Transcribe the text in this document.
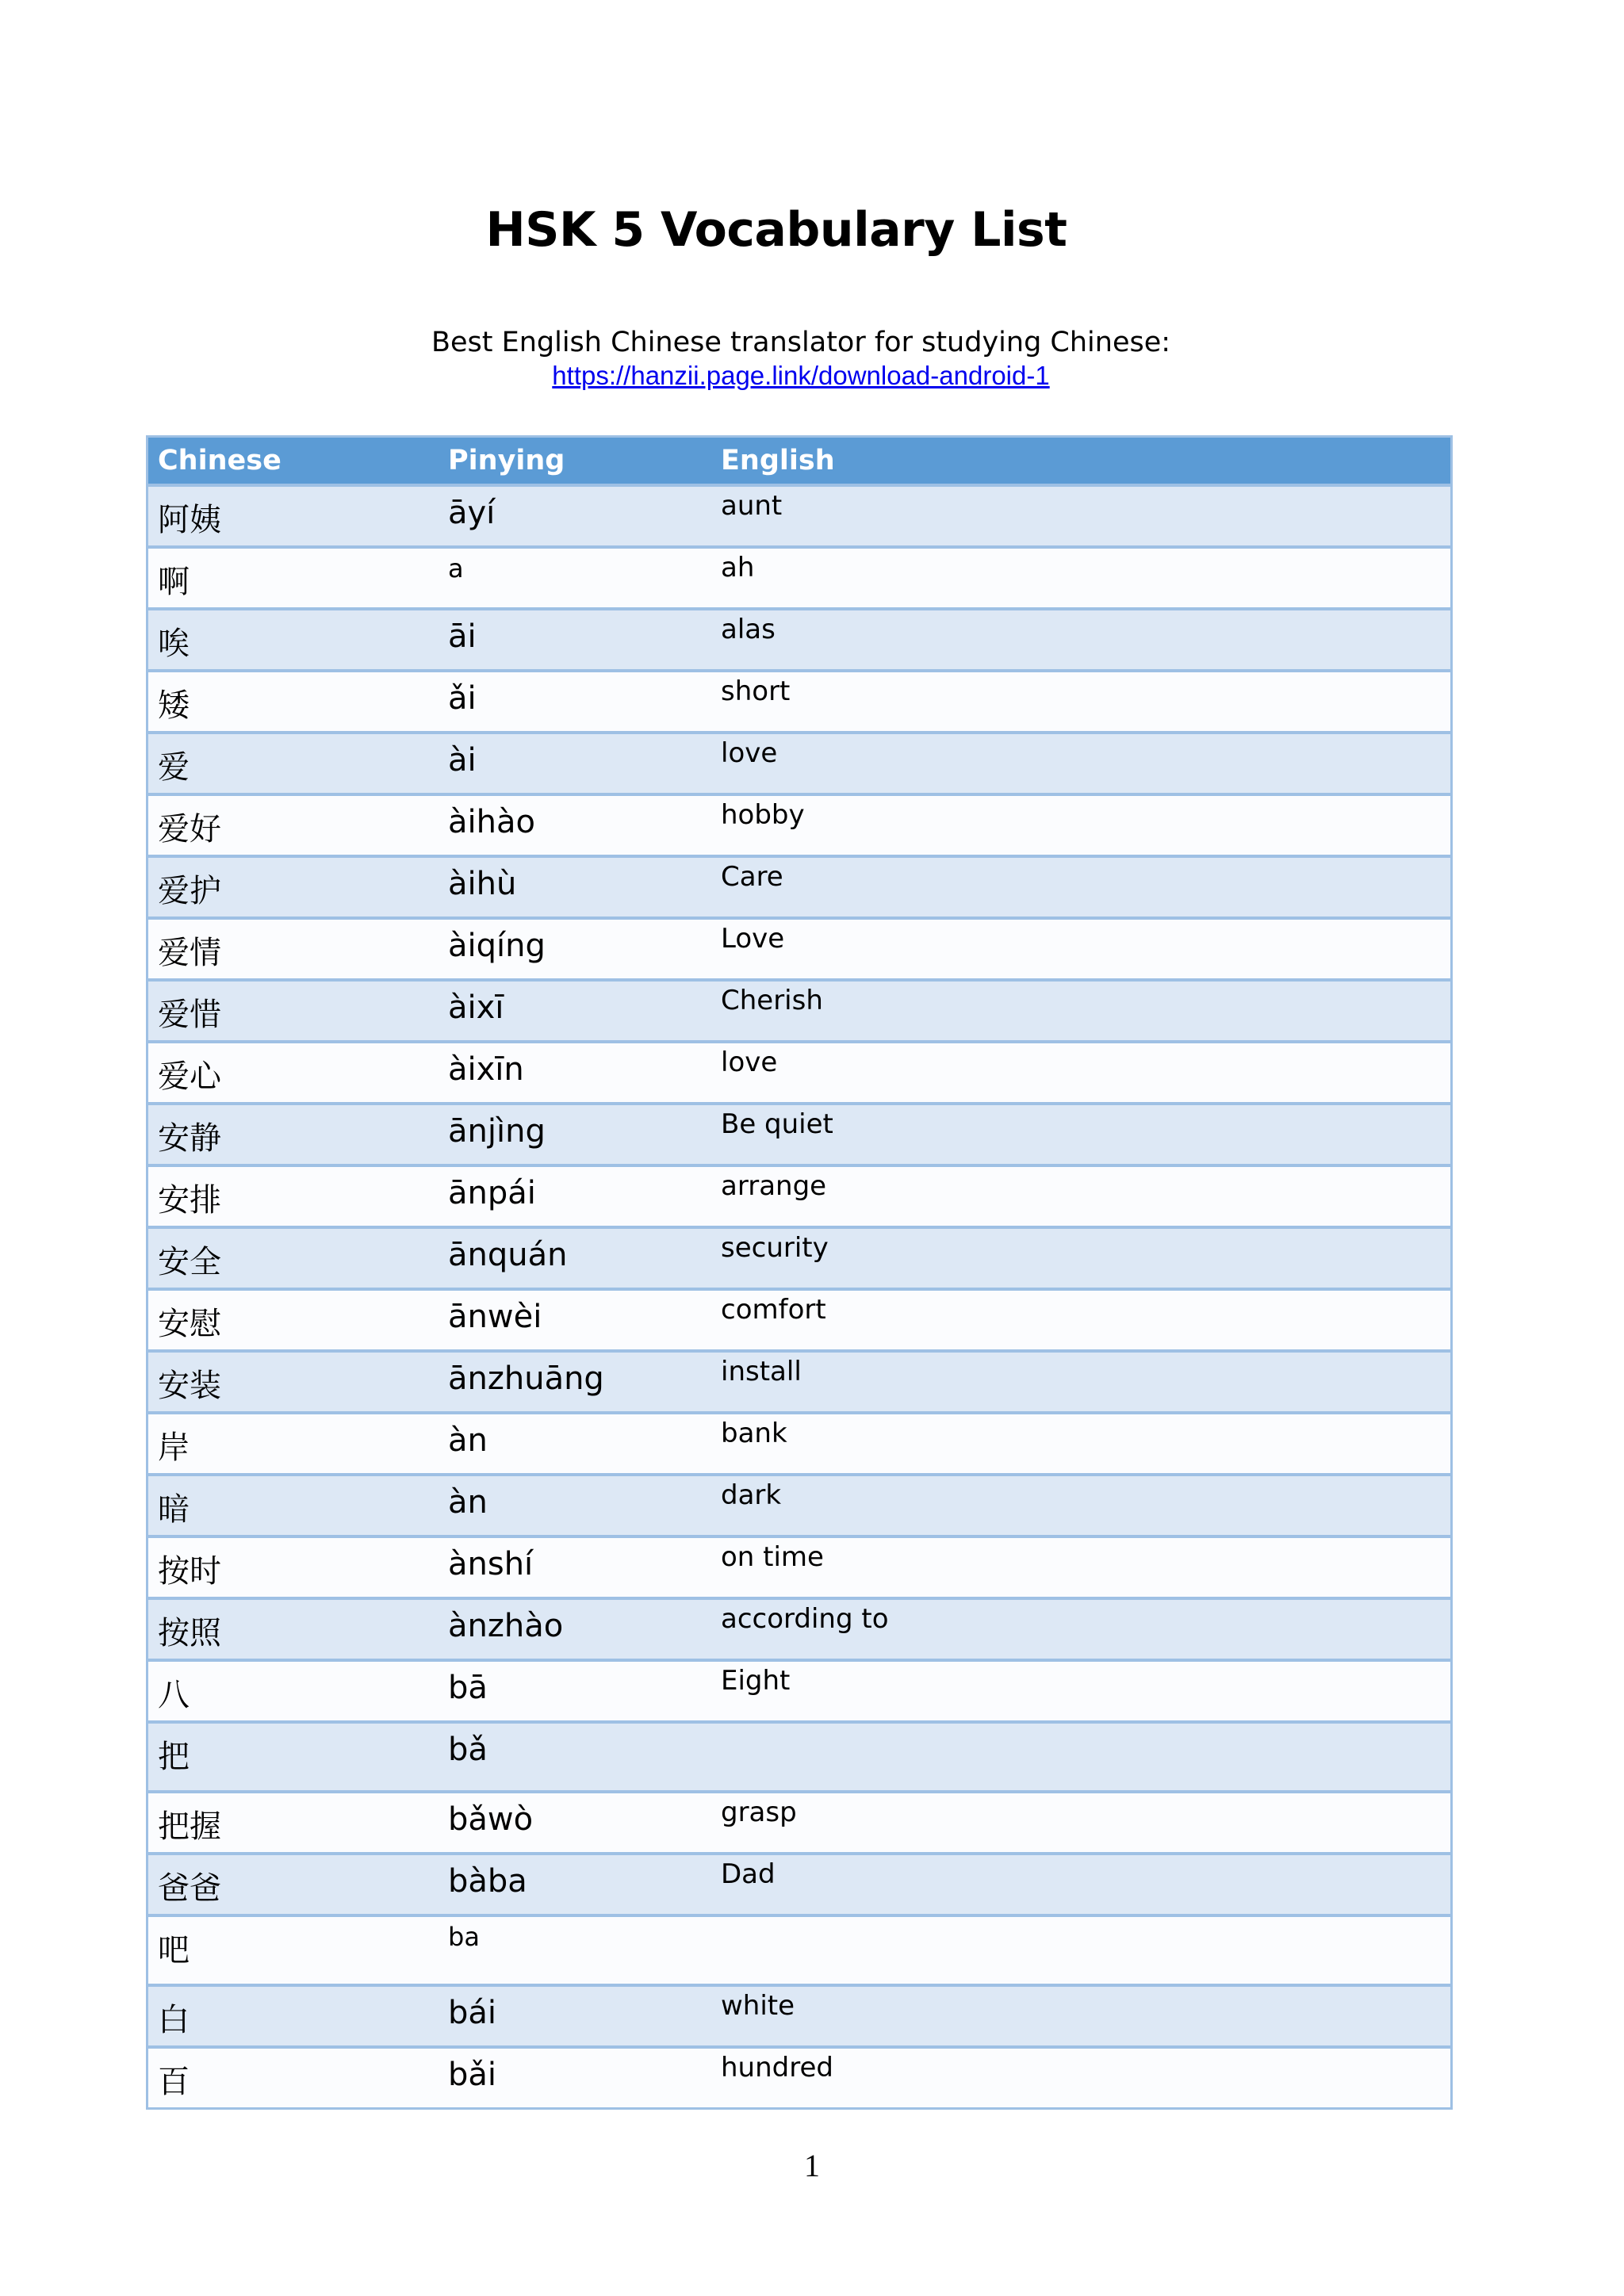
HSK 5 Vocabulary List
Best English Chinese translator for studying Chinese:
https://hanzii.page.link/download-android-1
Chinese	Pinying	English
阿姨	āyí	aunt
啊	a	ah
唉	āi	alas
矮	ǎi	short
爱	ài	love
爱好	àihào	hobby
爱护	àihù	Care
爱情	àiqíng	Love
爱惜	àixī	Cherish
爱心	àixīn	love
安静	ānjìng	Be quiet
安排	ānpái	arrange
安全	ānquán	security
安慰	ānwèi	comfort
安装	ānzhuāng	install
岸	àn	bank
暗	àn	dark
按时	ànshí	on time
按照	ànzhào	according to
八	bā	Eight
把	bǎ
把握	bǎwò	grasp
爸爸	bàba	Dad
吧	ba
白	bái	white
百	bǎi	hundred
1
